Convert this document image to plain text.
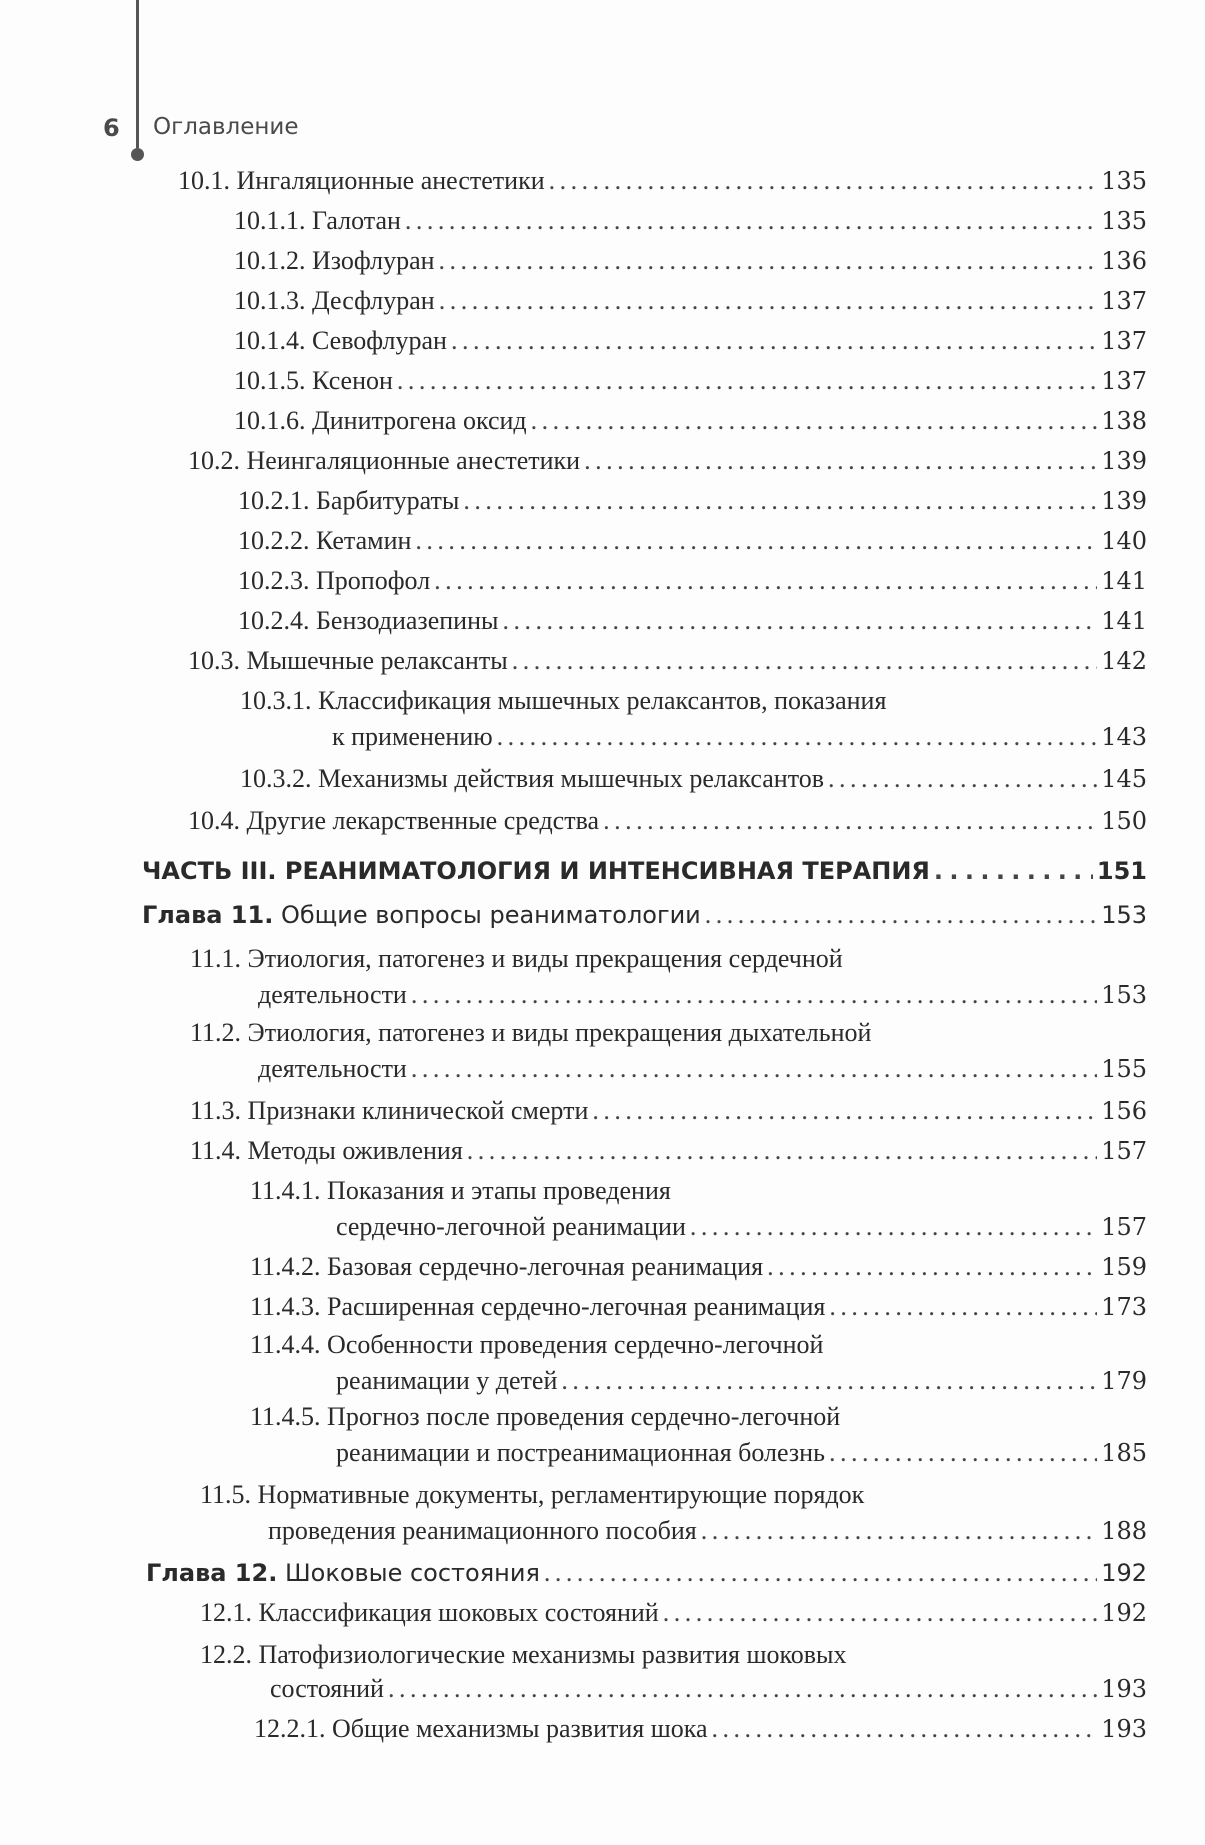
6 Оглавление
10.1. Ингаляционные анестетики . . .	135
10.1.1. Галотан . . .	135
10.1.2. Изофлуран . . .	136
10.1.3. Десфлуран . . .	137
10.1.4. Севофлуран . . .	137
10.1.5. Ксенон . . .	137
10.1.6. Динитрогена оксид . . .	138
10.2. Неингаляционные анестетики . . .	139
10.2.1. Барбитураты . . .	139
10.2.2. Кетамин . . .	140
10.2.3. Пропофол . . .	141
10.2.4. Бензодиазепины . . .	141
10.3. Мышечные релаксанты . . .	142
10.3.1. Классификация мышечных релаксантов, показания
к применению . . .	143
10.3.2. Механизмы действия мышечных релаксантов . . .	145
10.4. Другие лекарственные средства . . .	150
ЧАСТЬ III. РЕАНИМАТОЛОГИЯ И ИНТЕНСИВНАЯ ТЕРАПИЯ . . .	151
Глава 11. Общие вопросы реаниматологии . . .	153
11.1. Этиология, патогенез и виды прекращения сердечной
деятельности . . .	153
11.2. Этиология, патогенез и виды прекращения дыхательной
деятельности . . .	155
11.3. Признаки клинической смерти . . .	156
11.4. Методы оживления . . .	157
11.4.1. Показания и этапы проведения
сердечно-легочной реанимации . . .	157
11.4.2. Базовая сердечно-легочная реанимация . . .	159
11.4.3. Расширенная сердечно-легочная реанимация . . .	173
11.4.4. Особенности проведения сердечно-легочной
реанимации у детей . . .	179
11.4.5. Прогноз после проведения сердечно-легочной
реанимации и постреанимационная болезнь . . .	185
11.5. Нормативные документы, регламентирующие порядок
проведения реанимационного пособия . . .	188
Глава 12. Шоковые состояния . . .	192
12.1. Классификация шоковых состояний . . .	192
12.2. Патофизиологические механизмы развития шоковых
состояний . . .	193
12.2.1. Общие механизмы развития шока . . .	193
